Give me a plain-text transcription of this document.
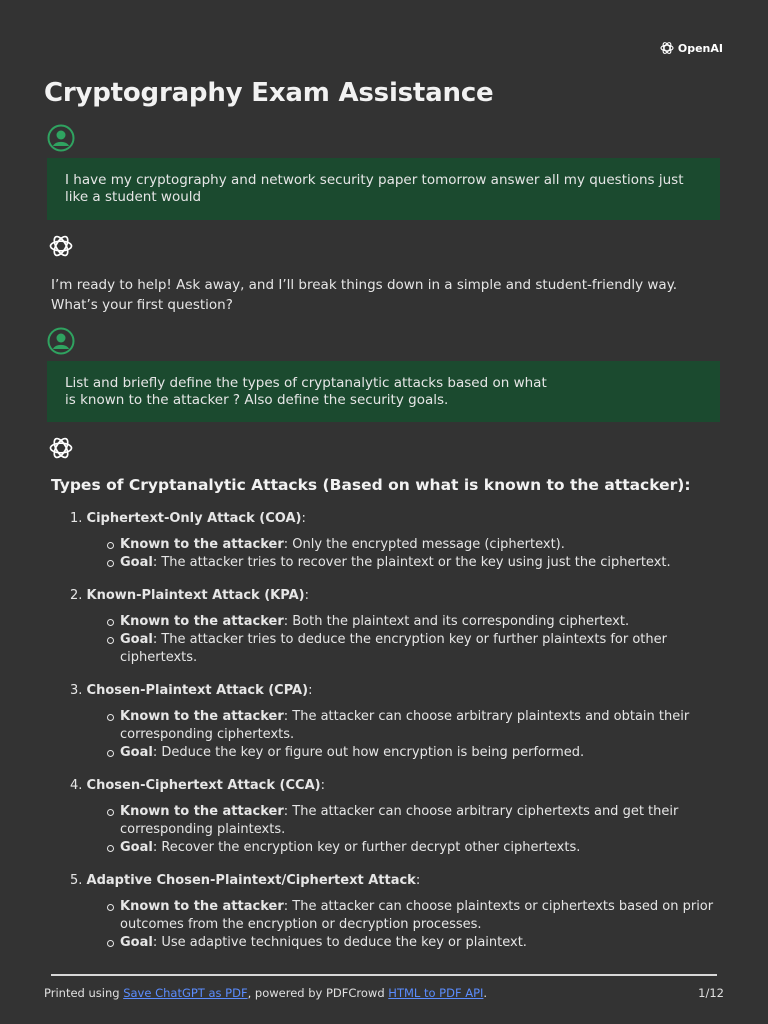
OpenAI
Cryptography Exam Assistance
I have my cryptography and network security paper tomorrow answer all my questions just like a student would
I’m ready to help! Ask away, and I’ll break things down in a simple and student-friendly way. What’s your first question?
List and briefly define the types of cryptanalytic attacks based on what
is known to the attacker ? Also define the security goals.
Types of Cryptanalytic Attacks (Based on what is known to the attacker):
1. Ciphertext-Only Attack (COA):
Known to the attacker: Only the encrypted message (ciphertext).
Goal: The attacker tries to recover the plaintext or the key using just the ciphertext.
2. Known-Plaintext Attack (KPA):
Known to the attacker: Both the plaintext and its corresponding ciphertext.
Goal: The attacker tries to deduce the encryption key or further plaintexts for other ciphertexts.
3. Chosen-Plaintext Attack (CPA):
Known to the attacker: The attacker can choose arbitrary plaintexts and obtain their corresponding ciphertexts.
Goal: Deduce the key or figure out how encryption is being performed.
4. Chosen-Ciphertext Attack (CCA):
Known to the attacker: The attacker can choose arbitrary ciphertexts and get their corresponding plaintexts.
Goal: Recover the encryption key or further decrypt other ciphertexts.
5. Adaptive Chosen-Plaintext/Ciphertext Attack:
Known to the attacker: The attacker can choose plaintexts or ciphertexts based on prior outcomes from the encryption or decryption processes.
Goal: Use adaptive techniques to deduce the key or plaintext.
Printed using Save ChatGPT as PDF, powered by PDFCrowd HTML to PDF API.	1/12
